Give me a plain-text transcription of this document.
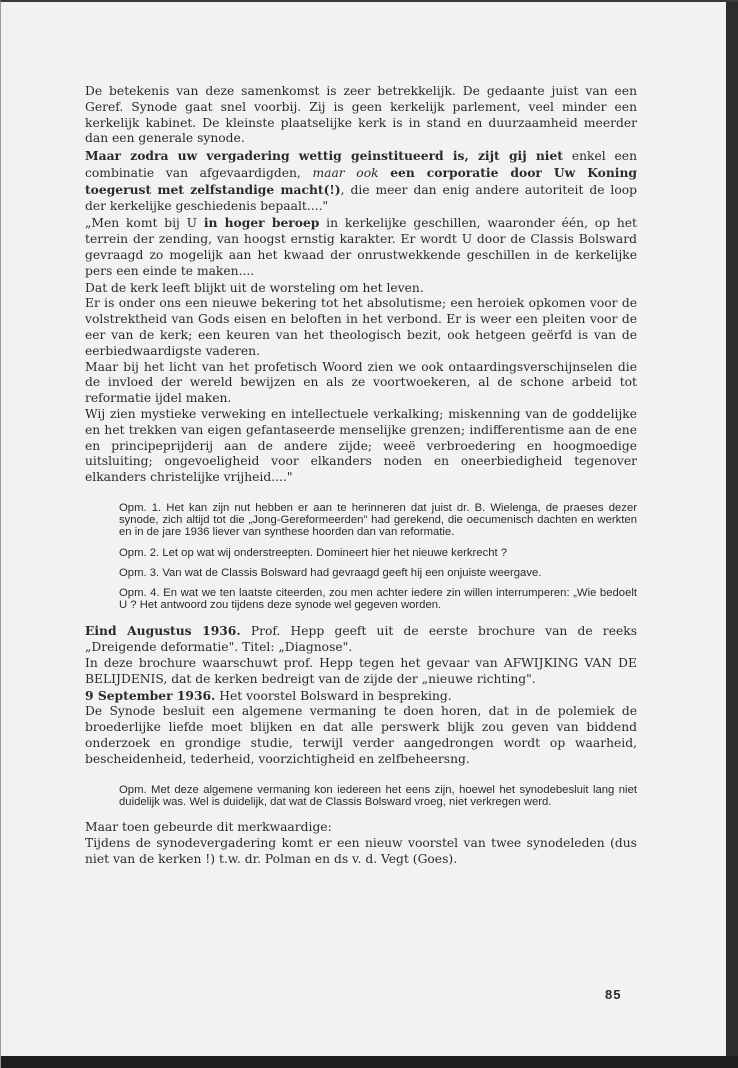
De betekenis van deze samenkomst is zeer betrekkelijk. De gedaante juist van een Geref. Synode gaat snel voorbij. Zij is geen kerkelijk parlement, veel minder een kerkelijk kabinet. De kleinste plaatselijke kerk is in stand en duurzaamheid meerder dan een generale synode.

Maar zodra uw vergadering wettig geinstitueerd is, zijt gij niet enkel een combinatie van afgevaardigden, maar ook een corporatie door Uw Koning toegerust met zelfstandige macht(!), die meer dan enig andere autoriteit de loop der kerkelijke geschiedenis bepaalt...."

„Men komt bij U in hoger beroep in kerkelijke geschillen, waaronder één, op het terrein der zending, van hoogst ernstig karakter. Er wordt U door de Classis Bolsward gevraagd zo mogelijk aan het kwaad der onrustwekkende geschillen in de kerkelijke pers een einde te maken....

Dat de kerk leeft blijkt uit de worsteling om het leven.

Er is onder ons een nieuwe bekering tot het absolutisme; een heroiek opkomen voor de volstrektheid van Gods eisen en beloften in het verbond. Er is weer een pleiten voor de eer van de kerk; een keuren van het theologisch bezit, ook hetgeen geërfd is van de eerbiedwaardigste vaderen.

Maar bij het licht van het profetisch Woord zien we ook ontaardingsverschijnselen die de invloed der wereld bewijzen en als ze voortwoekeren, al de schone arbeid tot reformatie ijdel maken.

Wij zien mystieke verweking en intellectuele verkalking; miskenning van de goddelijke en het trekken van eigen gefantaseerde menselijke grenzen; indifferentisme aan de ene en principeprijderij aan de andere zijde; weeë verbroedering en hoogmoedige uitsluiting; ongevoeligheid voor elkanders noden en oneerbiedigheid tegenover elkanders christelijke vrijheid...."

Opm. 1. Het kan zijn nut hebben er aan te herinneren dat juist dr. B. Wielenga, de praeses dezer synode, zich altijd tot die „Jong-Gereformeerden" had gerekend, die oecumenisch dachten en werkten en in de jare 1936 liever van synthese hoorden dan van reformatie.

Opm. 2. Let op wat wij onderstreepten. Domineert hier het nieuwe kerkrecht ?

Opm. 3. Van wat de Classis Bolsward had gevraagd geeft hij een onjuiste weergave.

Opm. 4. En wat we ten laatste citeerden, zou men achter iedere zin willen interrumperen: „Wie bedoelt U ? Het antwoord zou tijdens deze synode wel gegeven worden.

Eind Augustus 1936. Prof. Hepp geeft uit de eerste brochure van de reeks „Dreigende deformatie". Titel: „Diagnose".

In deze brochure waarschuwt prof. Hepp tegen het gevaar van AFWIJKING VAN DE BELIJDENIS, dat de kerken bedreigt van de zijde der „nieuwe richting".

9 September 1936. Het voorstel Bolsward in bespreking.

De Synode besluit een algemene vermaning te doen horen, dat in de polemiek de broederlijke liefde moet blijken en dat alle perswerk blijk zou geven van biddend onderzoek en grondige studie, terwijl verder aangedrongen wordt op waarheid, bescheidenheid, tederheid, voorzichtigheid en zelfbeheersng.

Opm. Met deze algemene vermaning kon iedereen het eens zijn, hoewel het synodebesluit lang niet duidelijk was. Wel is duidelijk, dat wat de Classis Bolsward vroeg, niet verkregen werd.

Maar toen gebeurde dit merkwaardige:

Tijdens de synodevergadering komt er een nieuw voorstel van twee synodeleden (dus niet van de kerken !) t.w. dr. Polman en ds v. d. Vegt (Goes).

85
